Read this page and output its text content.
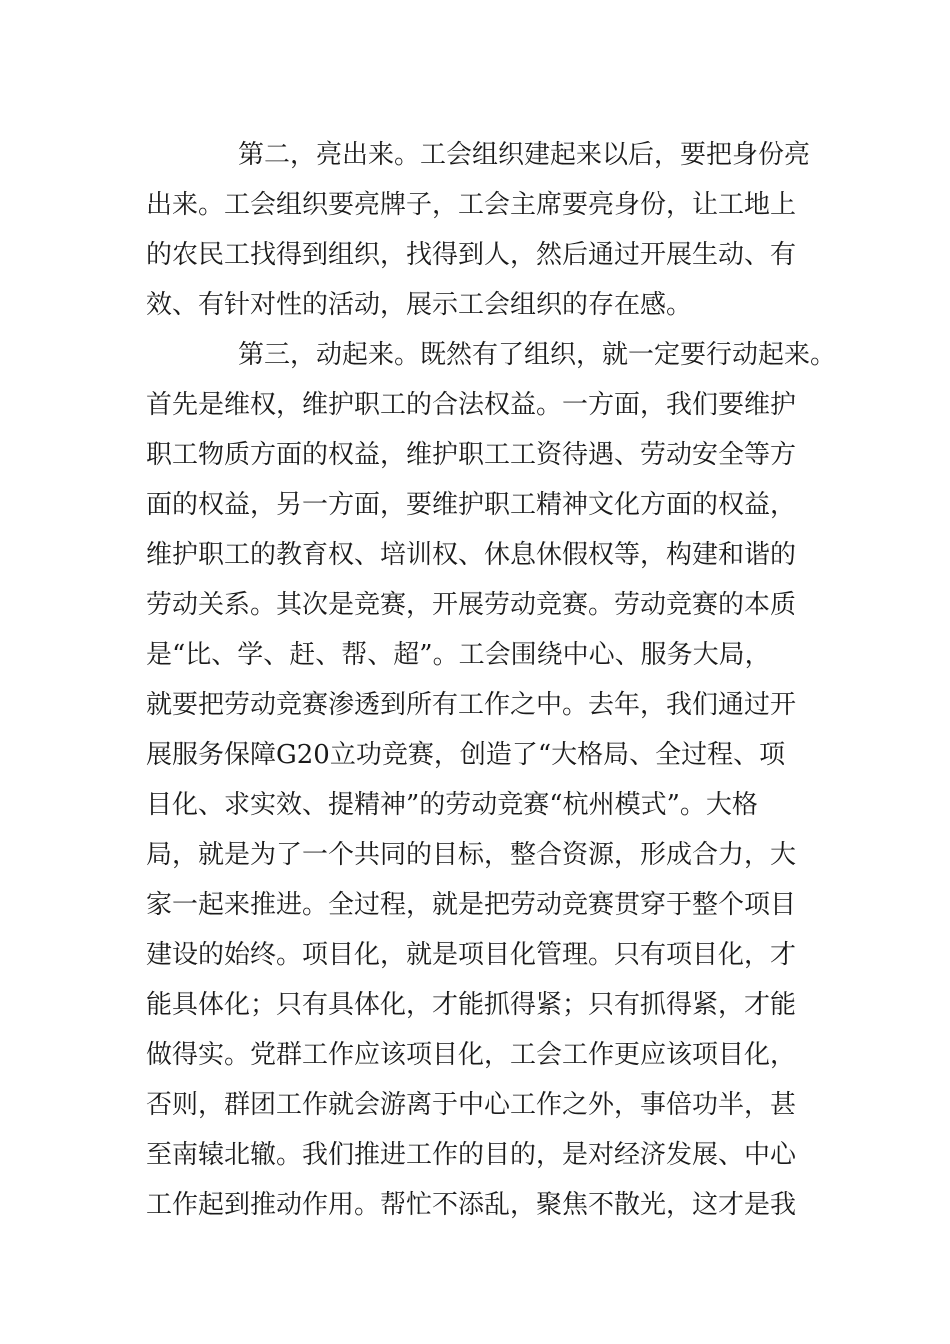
第二，亮出来。工会组织建起来以后，要把身份亮
出来。工会组织要亮牌子，工会主席要亮身份，让工地上
的农民工找得到组织，找得到人，然后通过开展生动、有
效、有针对性的活动，展示工会组织的存在感。
第三，动起来。既然有了组织，就一定要行动起来。
首先是维权，维护职工的合法权益。一方面，我们要维护
职工物质方面的权益，维护职工工资待遇、劳动安全等方
面的权益，另一方面，要维护职工精神文化方面的权益，
维护职工的教育权、培训权、休息休假权等，构建和谐的
劳动关系。其次是竞赛，开展劳动竞赛。劳动竞赛的本质
是“比、学、赶、帮、超”。工会围绕中心、服务大局，
就要把劳动竞赛渗透到所有工作之中。去年，我们通过开
展服务保障G20立功竞赛，创造了“大格局、全过程、项
目化、求实效、提精神”的劳动竞赛“杭州模式”。大格
局，就是为了一个共同的目标，整合资源，形成合力，大
家一起来推进。全过程，就是把劳动竞赛贯穿于整个项目
建设的始终。项目化，就是项目化管理。只有项目化，才
能具体化；只有具体化，才能抓得紧；只有抓得紧，才能
做得实。党群工作应该项目化，工会工作更应该项目化，
否则，群团工作就会游离于中心工作之外，事倍功半，甚
至南辕北辙。我们推进工作的目的，是对经济发展、中心
工作起到推动作用。帮忙不添乱，聚焦不散光，这才是我
